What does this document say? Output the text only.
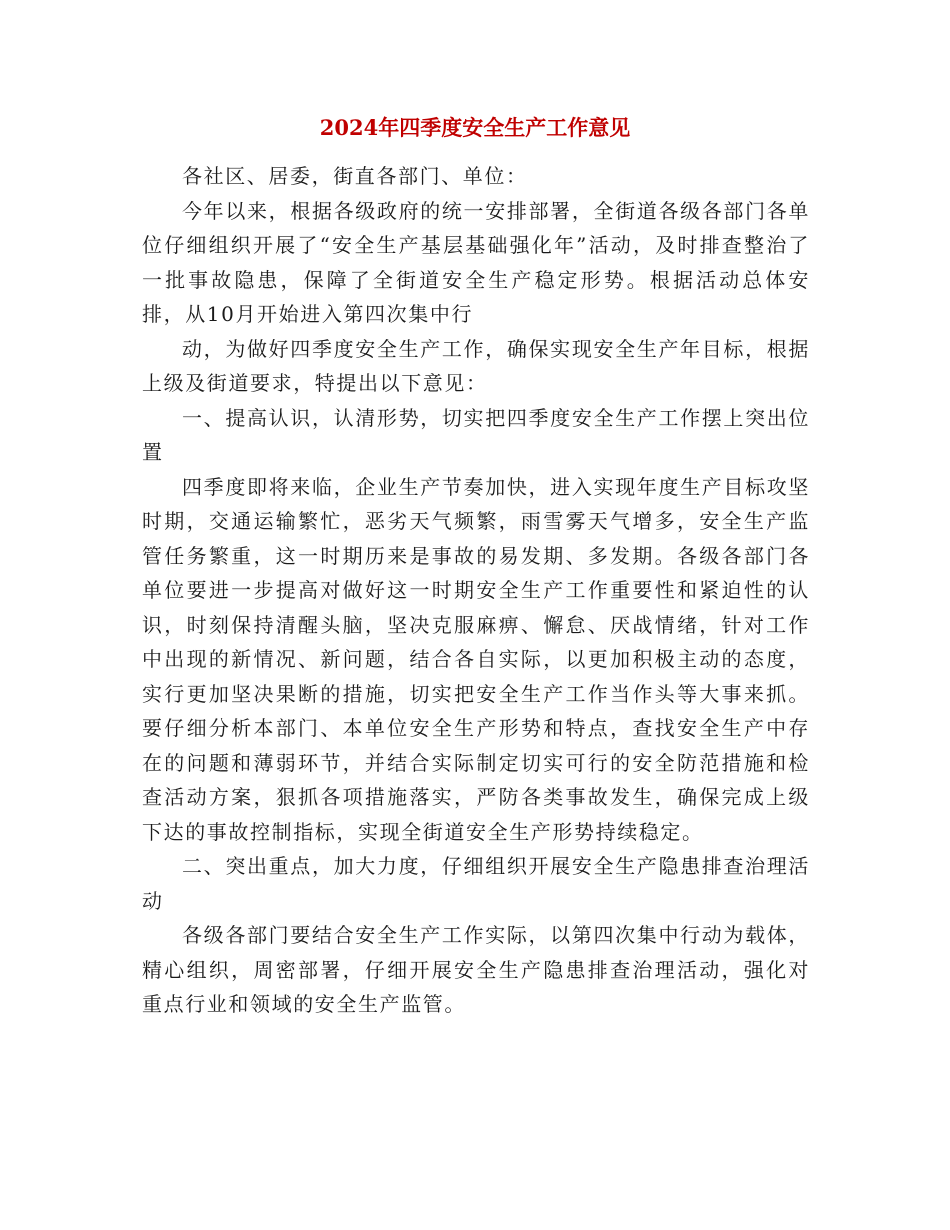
2024年四季度安全生产工作意见

各社区、居委，街直各部门、单位：

今年以来，根据各级政府的统一安排部署，全街道各级各部门各单位仔细组织开展了“安全生产基层基础强化年”活动，及时排查整治了一批事故隐患，保障了全街道安全生产稳定形势。根据活动总体安排，从10月开始进入第四次集中行

动，为做好四季度安全生产工作，确保实现安全生产年目标，根据上级及街道要求，特提出以下意见：

一、提高认识，认清形势，切实把四季度安全生产工作摆上突出位置

四季度即将来临，企业生产节奏加快，进入实现年度生产目标攻坚时期，交通运输繁忙，恶劣天气频繁，雨雪雾天气增多，安全生产监管任务繁重，这一时期历来是事故的易发期、多发期。各级各部门各单位要进一步提高对做好这一时期安全生产工作重要性和紧迫性的认识，时刻保持清醒头脑，坚决克服麻痹、懈怠、厌战情绪，针对工作中出现的新情况、新问题，结合各自实际，以更加积极主动的态度，实行更加坚决果断的措施，切实把安全生产工作当作头等大事来抓。要仔细分析本部门、本单位安全生产形势和特点，查找安全生产中存在的问题和薄弱环节，并结合实际制定切实可行的安全防范措施和检查活动方案，狠抓各项措施落实，严防各类事故发生，确保完成上级下达的事故控制指标，实现全街道安全生产形势持续稳定。

二、突出重点，加大力度，仔细组织开展安全生产隐患排查治理活动

各级各部门要结合安全生产工作实际，以第四次集中行动为载体，精心组织，周密部署，仔细开展安全生产隐患排查治理活动，强化对重点行业和领域的安全生产监管。
